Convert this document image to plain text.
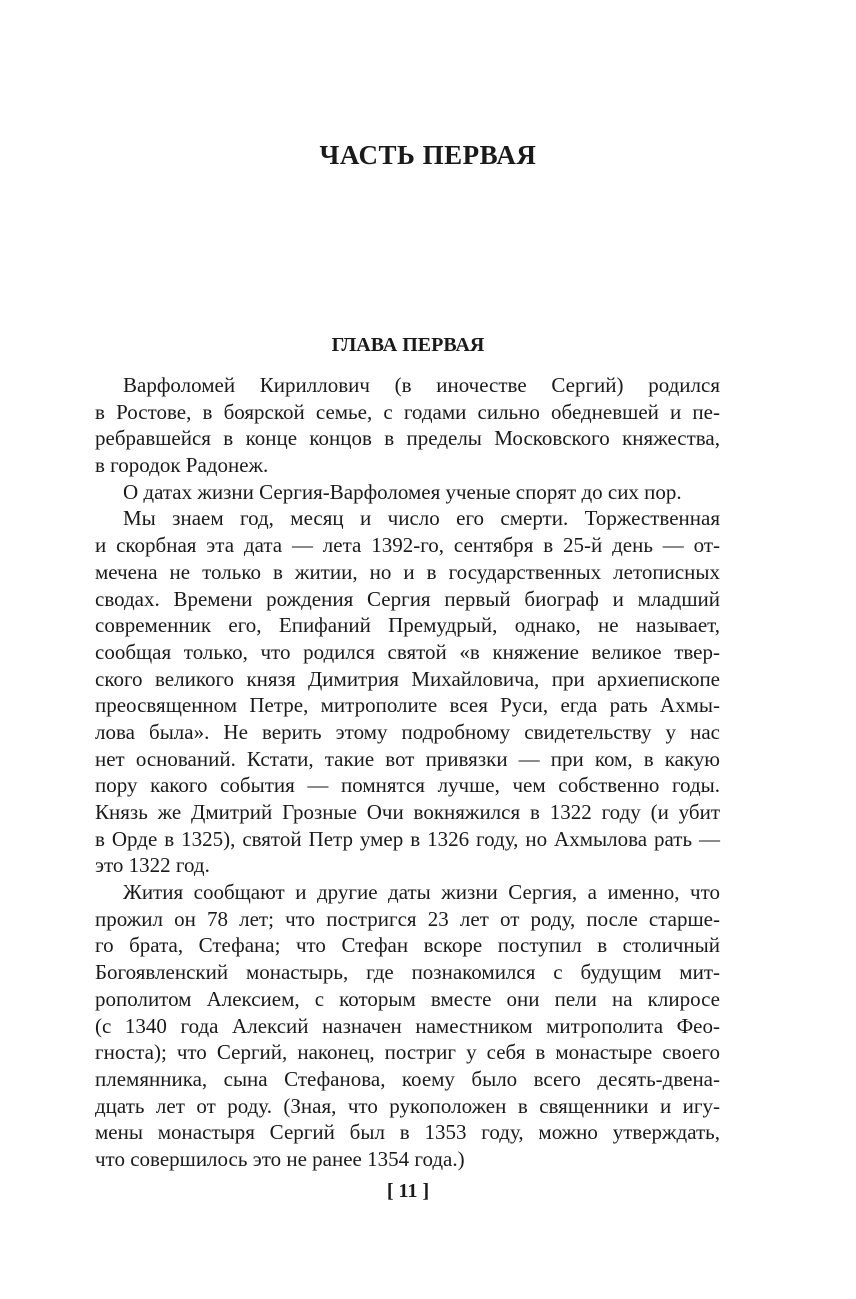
ЧАСТЬ ПЕРВАЯ
ГЛАВА ПЕРВАЯ
Варфоломей Кириллович (в иночестве Сергий) родился
в Ростове, в боярской семье, с годами сильно обедневшей и пе-
ребравшейся в конце концов в пределы Московского княжества,
в городок Радонеж.
О датах жизни Сергия-Варфоломея ученые спорят до сих пор.
Мы знаем год, месяц и число его смерти. Торжественная
и скорбная эта дата — лета 1392-го, сентября в 25-й день — от-
мечена не только в житии, но и в государственных летописных
сводах. Времени рождения Сергия первый биограф и младший
современник его, Епифаний Премудрый, однако, не называет,
сообщая только, что родился святой «в княжение великое твер-
ского великого князя Димитрия Михайловича, при архиепископе
преосвященном Петре, митрополите всея Руси, егда рать Ахмы-
лова была». Не верить этому подробному свидетельству у нас
нет оснований. Кстати, такие вот привязки — при ком, в какую
пору какого события — помнятся лучше, чем собственно годы.
Князь же Дмитрий Грозные Очи вокняжился в 1322 году (и убит
в Орде в 1325), святой Петр умер в 1326 году, но Ахмылова рать —
это 1322 год.
Жития сообщают и другие даты жизни Сергия, а именно, что
прожил он 78 лет; что постригся 23 лет от роду, после старше-
го брата, Стефана; что Стефан вскоре поступил в столичный
Богоявленский монастырь, где познакомился с будущим мит-
рополитом Алексием, с которым вместе они пели на клиросе
(с 1340 года Алексий назначен наместником митрополита Фео-
гноста); что Сергий, наконец, постриг у себя в монастыре своего
племянника, сына Стефанова, коему было всего десять-двена-
дцать лет от роду. (Зная, что рукоположен в священники и игу-
мены монастыря Сергий был в 1353 году, можно утверждать,
что совершилось это не ранее 1354 года.)
[ 11 ]
